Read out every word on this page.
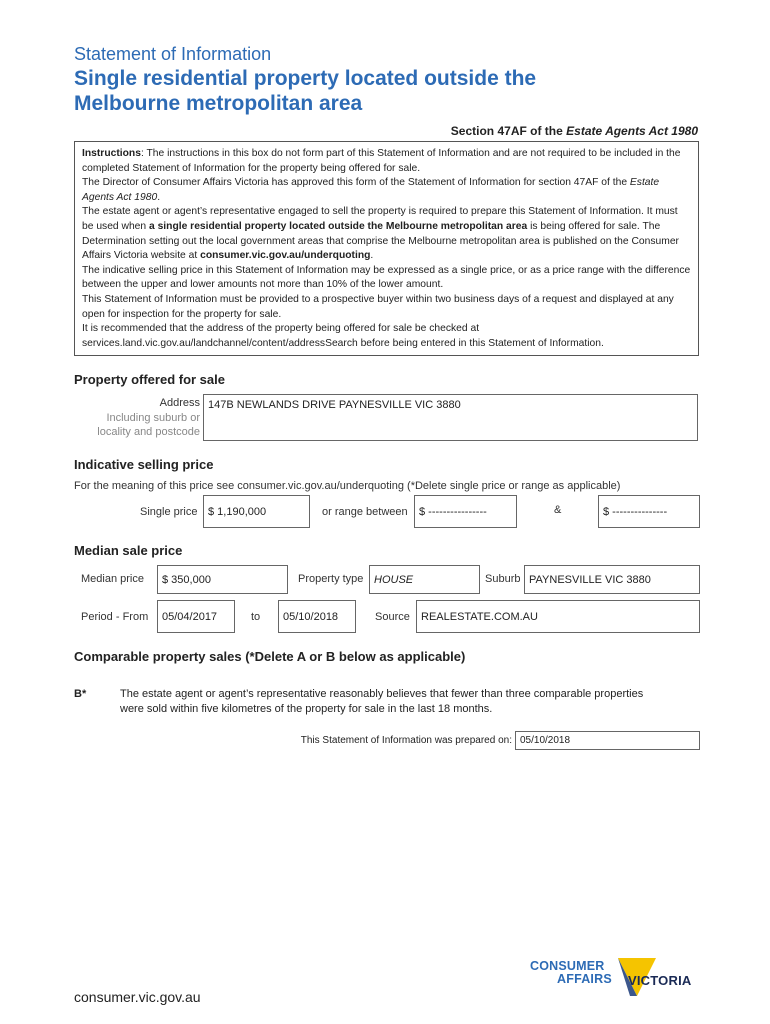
Statement of Information
Single residential property located outside the
Melbourne metropolitan area
Section 47AF of the Estate Agents Act 1980

Instructions: The instructions in this box do not form part of this Statement of Information and are not required to be included in the completed Statement of Information for the property being offered for sale.

The Director of Consumer Affairs Victoria has approved this form of the Statement of Information for section 47AF of the Estate Agents Act 1980.

The estate agent or agent’s representative engaged to sell the property is required to prepare this Statement of Information. It must be used when a single residential property located outside the Melbourne metropolitan area is being offered for sale. The Determination setting out the local government areas that comprise the Melbourne metropolitan area is published on the Consumer Affairs Victoria website at consumer.vic.gov.au/underquoting.

The indicative selling price in this Statement of Information may be expressed as a single price, or as a price range with the difference between the upper and lower amounts not more than 10% of the lower amount.

This Statement of Information must be provided to a prospective buyer within two business days of a request and displayed at any open for inspection for the property for sale.

It is recommended that the address of the property being offered for sale be checked at services.land.vic.gov.au/landchannel/content/addressSearch before being entered in this Statement of Information.

Property offered for sale
Address
Including suburb or
locality and postcode
147B NEWLANDS DRIVE PAYNESVILLE VIC 3880
Indicative selling price
For the meaning of this price see consumer.vic.gov.au/underquoting (*Delete single price or range as applicable)
Single price $ 1,190,000	or range between	$ ----------------	&	$ ---------------
Median sale price
Median price	$ 350,000	Property type HOUSE	Suburb PAYNESVILLE VIC 3880
Period - From	05/04/2017	to	05/10/2018	Source	REALESTATE.COM.AU
Comparable property sales (*Delete A or B below as applicable)
B*	The estate agent or agent’s representative reasonably believes that fewer than three comparable properties
were sold within five kilometres of the property for sale in the last 18 months.
This Statement of Information was prepared on: 05/10/2018
consumer.vic.gov.au
CONSUMER
AFFAIRS VICTORIA
